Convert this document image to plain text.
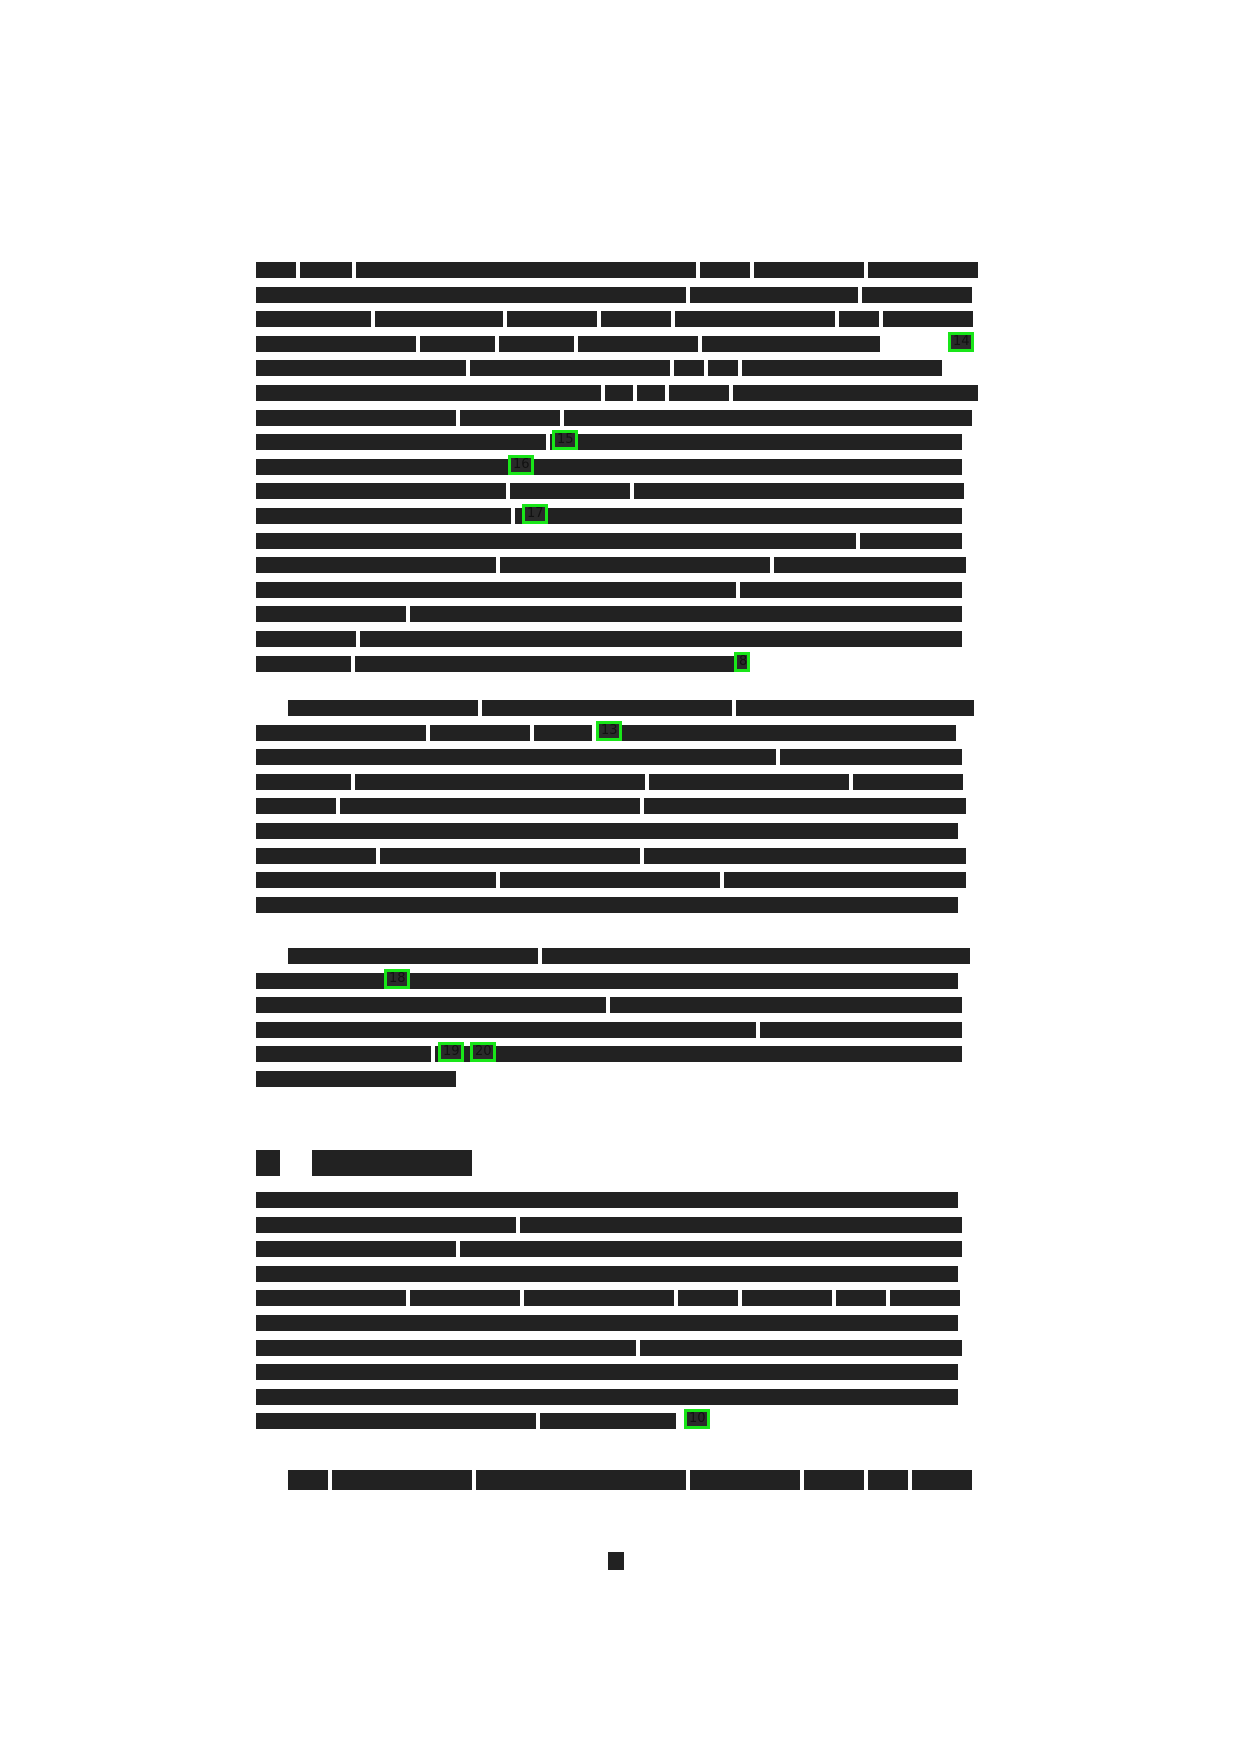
14
15
16
17
8
13
18
19	20
10
